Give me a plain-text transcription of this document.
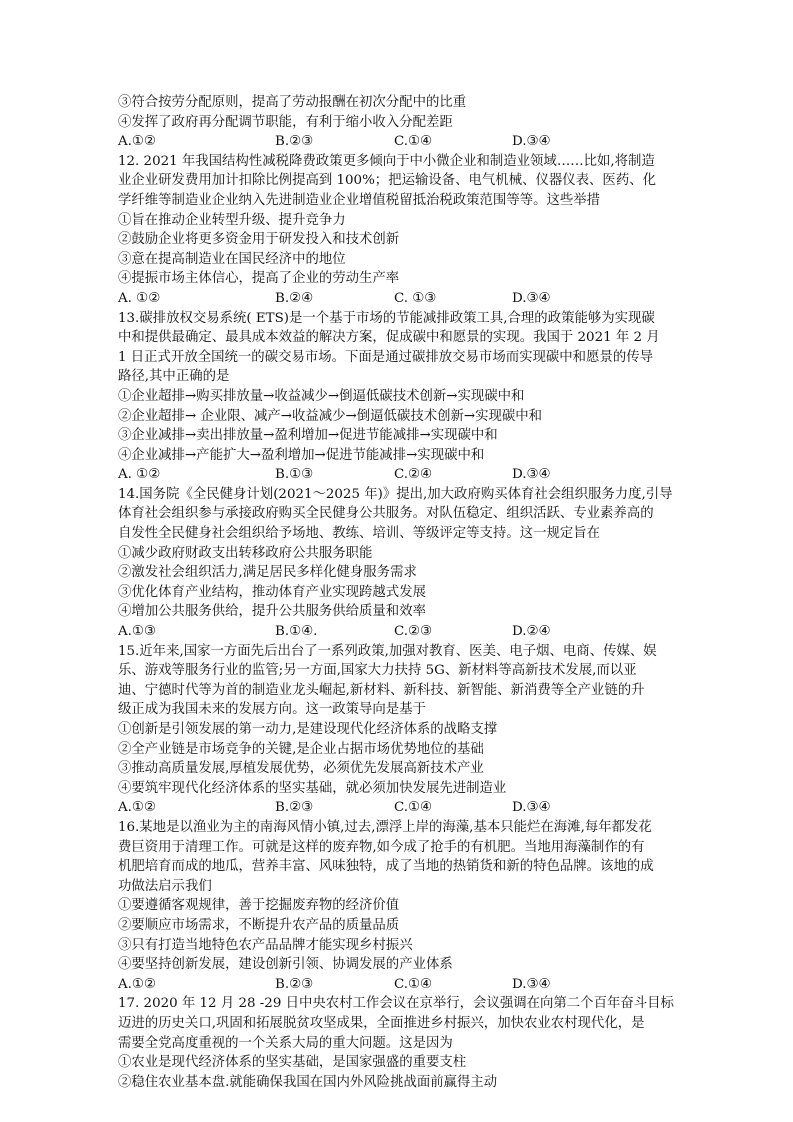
③符合按劳分配原则，提高了劳动报酬在初次分配中的比重
④发挥了政府再分配调节职能，有利于缩小收入分配差距
A.①②	B.②③	C.①④	D.③④
12. 2021 年我国结构性减税降费政策更多倾向于中小微企业和制造业领域……比如,将制造
业企业研发费用加计扣除比例提高到 100%；把运输设备、电气机械、仪器仪表、医药、化
学纤维等制造业企业纳入先进制造业企业增值税留抵治税政策范围等等。这些举措
①旨在推动企业转型升级、提升竞争力
②鼓励企业将更多资金用于研发投入和技术创新
③意在提高制造业在国民经济中的地位
④提振市场主体信心，提高了企业的劳动生产率
A. ①②	B.②④	C. ①③	D.③④
13.碳排放权交易系统( ETS)是一个基于市场的节能减排政策工具,合理的政策能够为实现碳
中和提供最确定、最具成本效益的解决方案，促成碳中和愿景的实现。我国于 2021 年 2 月
1 日正式开放全国统一的碳交易市场。下面是通过碳排放交易市场而实现碳中和愿景的传导
路径,其中正确的是
①企业超排→购买排放量→收益减少→倒逼低碳技术创新→实现碳中和
②企业超排→ 企业限、减产→收益减少→倒逼低碳技术创新→实现碳中和
③企业减排→卖出排放量→盈利增加→促进节能减排→实现碳中和
④企业减排→产能扩大→盈利增加→促进节能减排→实现碳中和
A. ①②	B.①③	C.②④	D.③④
14.国务院《全民健身计划(2021～2025 年)》提出,加大政府购买体育社会组织服务力度,引导
体育社会组织参与承接政府购买全民健身公共服务。对队伍稳定、组织活跃、专业素养高的
自发性全民健身社会组织给予场地、教练、培训、等级评定等支持。这一规定旨在
①减少政府财政支出转移政府公共服务职能
②激发社会组织活力,满足居民多样化健身服务需求
③优化体育产业结构，推动体育产业实现跨越式发展
④增加公共服务供给，提升公共服务供给质量和效率
A.①③	B.①④.	C.②③	D.②④
15.近年来,国家一方面先后出台了一系列政策,加强对教育、医美、电子烟、电商、传媒、娱
乐、游戏等服务行业的监管;另一方面,国家大力扶持 5G、新材料等高新技术发展,而以亚
迪、宁德时代等为首的制造业龙头崛起,新材料、新科技、新智能、新消费等全产业链的升
级正成为我国未来的发展方向。这一政策导向是基于
①创新是引领发展的第一动力,是建设现代化经济体系的战略支撑
②全产业链是市场竞争的关键,是企业占据市场优势地位的基础
③推动高质量发展,厚植发展优势，必须优先发展高新技术产业
④要筑牢现代化经济体系的坚实基础，就必须加快发展先进制造业
A.①②	B.②③	C.①④	D.③④
16.某地是以渔业为主的南海风情小镇,过去,漂浮上岸的海藻,基本只能烂在海滩,每年都发花
费巨资用于清理工作。可就是这样的废弃物,如今成了抢手的有机肥。当地用海藻制作的有
机肥培育而成的地瓜，营养丰富、风味独特，成了当地的热销货和新的特色品牌。该地的成
功做法启示我们
①要遵循客观规律，善于挖掘废弃物的经济价值
②要顺应市场需求，不断提升农产品的质量品质
③只有打造当地特色农产品品牌才能实现乡村振兴
④要坚持创新发展，建设创新引领、协调发展的产业体系
A.①②	B.②③	C.①④	D.③④
17. 2020 年 12 月 28 -29 日中央农村工作会议在京举行，会议强调在向第二个百年奋斗目标
迈进的历史关口,巩固和拓展脱贫攻坚成果，全面推进乡村振兴，加快农业农村现代化，是
需要全党高度重视的一个关系大局的重大问题。这是因为
①农业是现代经济体系的坚实基础，是国家强盛的重要支柱
②稳住农业基本盘.就能确保我国在国内外风险挑战面前赢得主动
